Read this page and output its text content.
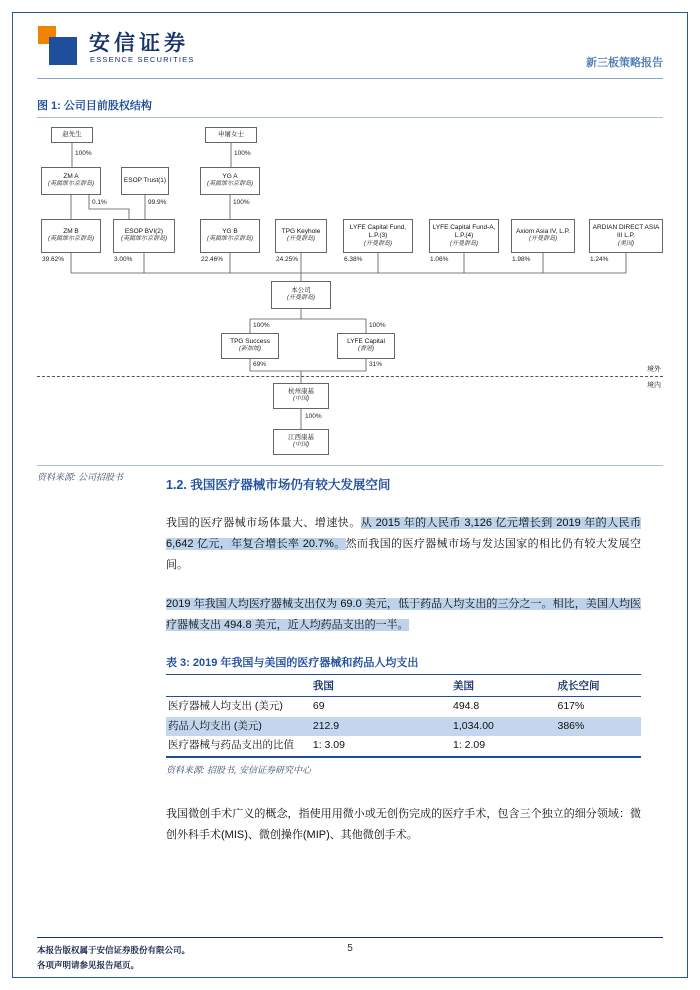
安信证券
ESSENCE SECURITIES	新三板策略报告
图 1: 公司目前股权结构
境外
境内
赵先生	申屠女士
ZM A
(英属维尔京群岛)
ESOP Trust(1)
YG A
(英属维尔京群岛)
ZM B
(英属维尔京群岛)
ESOP BVI(2)
(英属维尔京群岛)
YG B
(英属维尔京群岛)
TPG Keyhole
(开曼群岛)
LYFE Capital Fund, L.P.(3)
(开曼群岛)
LYFE Capital Fund-A, L.P.(4)
(开曼群岛)
Axiom Asia IV, L.P.
(开曼群岛)
ARDIAN DIRECT ASIA III L.P.
(美国)
本公司
(开曼群岛)
TPG Success
(新加坡)
LYFE Capital
(香港)
杭州康基
(中国)
江西康基
(中国)
100%	100%
0.1%	99.9%	100%
39.62%	3.00%	22.46%	24.25%	6.38%	1.06%	1.98%	1.24%
100%	100%
69%	31%
100%
资料来源: 公司招股书
1.2. 我国医疗器械市场仍有较大发展空间

我国的医疗器械市场体量大、增速快。从 2015 年的人民币 3,126 亿元增长到 2019 年的人民币 6,642 亿元，年复合增长率 20.7%。然而我国的医疗器械市场与发达国家的相比仍有较大发展空间。

2019 年我国人均医疗器械支出仅为 69.0 美元，低于药品人均支出的三分之一。相比，美国人均医疗器械支出 494.8 美元，近人均药品支出的一半。

表 3: 2019 年我国与美国的医疗器械和药品人均支出
	我国	美国	成长空间
医疗器械人均支出 (美元)	69	494.8	617%
药品人均支出 (美元)	212.9	1,034.00	386%
医疗器械与药品支出的比值	1: 3.09	1: 2.09	
资料来源: 招股书, 安信证券研究中心

我国微创手术广义的概念，指使用用微小或无创伤完成的医疗手术，包含三个独立的细分领域：微创外科手术(MIS)、微创操作(MIP)、其他微创手术。

本报告版权属于安信证券股份有限公司。
各项声明请参见报告尾页。
5
